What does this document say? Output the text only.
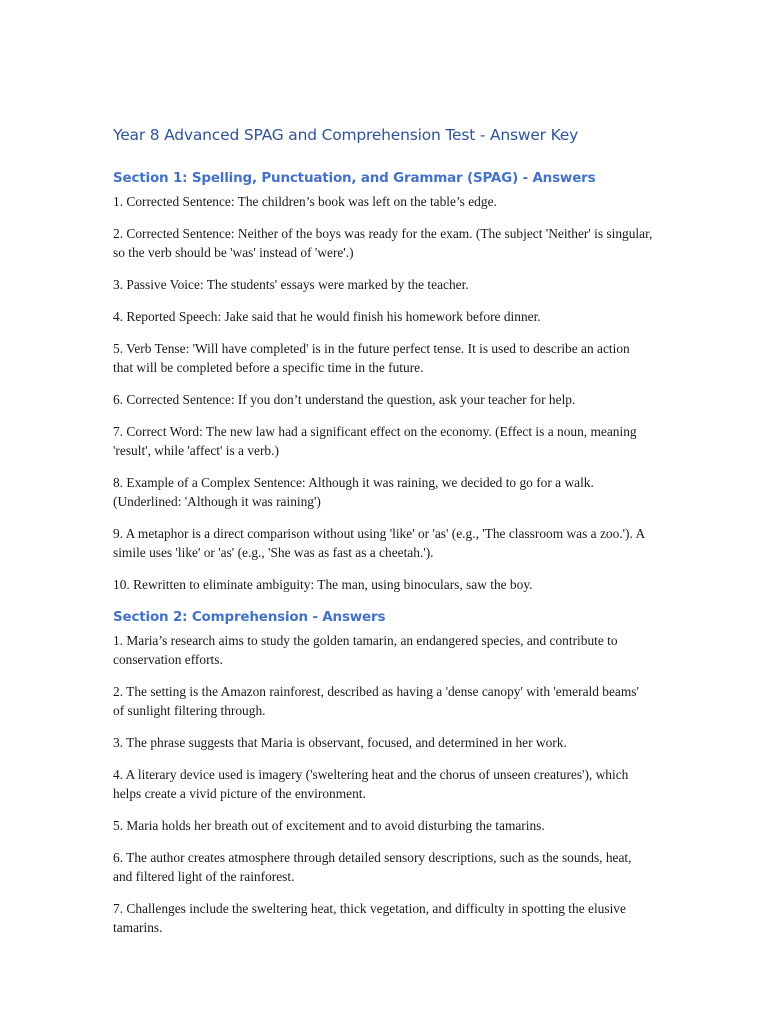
Year 8 Advanced SPAG and Comprehension Test - Answer Key
Section 1: Spelling, Punctuation, and Grammar (SPAG) - Answers

1. Corrected Sentence: The children’s book was left on the table’s edge.

2. Corrected Sentence: Neither of the boys was ready for the exam. (The subject 'Neither' is singular, so the verb should be 'was' instead of 'were'.)

3. Passive Voice: The students' essays were marked by the teacher.

4. Reported Speech: Jake said that he would finish his homework before dinner.

5. Verb Tense: 'Will have completed' is in the future perfect tense. It is used to describe an action that will be completed before a specific time in the future.

6. Corrected Sentence: If you don’t understand the question, ask your teacher for help.

7. Correct Word: The new law had a significant effect on the economy. (Effect is a noun, meaning 'result', while 'affect' is a verb.)

8. Example of a Complex Sentence: Although it was raining, we decided to go for a walk. (Underlined: 'Although it was raining')

9. A metaphor is a direct comparison without using 'like' or 'as' (e.g., 'The classroom was a zoo.'). A simile uses 'like' or 'as' (e.g., 'She was as fast as a cheetah.').

10. Rewritten to eliminate ambiguity: The man, using binoculars, saw the boy.

Section 2: Comprehension - Answers

1. Maria’s research aims to study the golden tamarin, an endangered species, and contribute to conservation efforts.

2. The setting is the Amazon rainforest, described as having a 'dense canopy' with 'emerald beams' of sunlight filtering through.

3. The phrase suggests that Maria is observant, focused, and determined in her work.

4. A literary device used is imagery ('sweltering heat and the chorus of unseen creatures'), which helps create a vivid picture of the environment.

5. Maria holds her breath out of excitement and to avoid disturbing the tamarins.

6. The author creates atmosphere through detailed sensory descriptions, such as the sounds, heat, and filtered light of the rainforest.

7. Challenges include the sweltering heat, thick vegetation, and difficulty in spotting the elusive tamarins.
